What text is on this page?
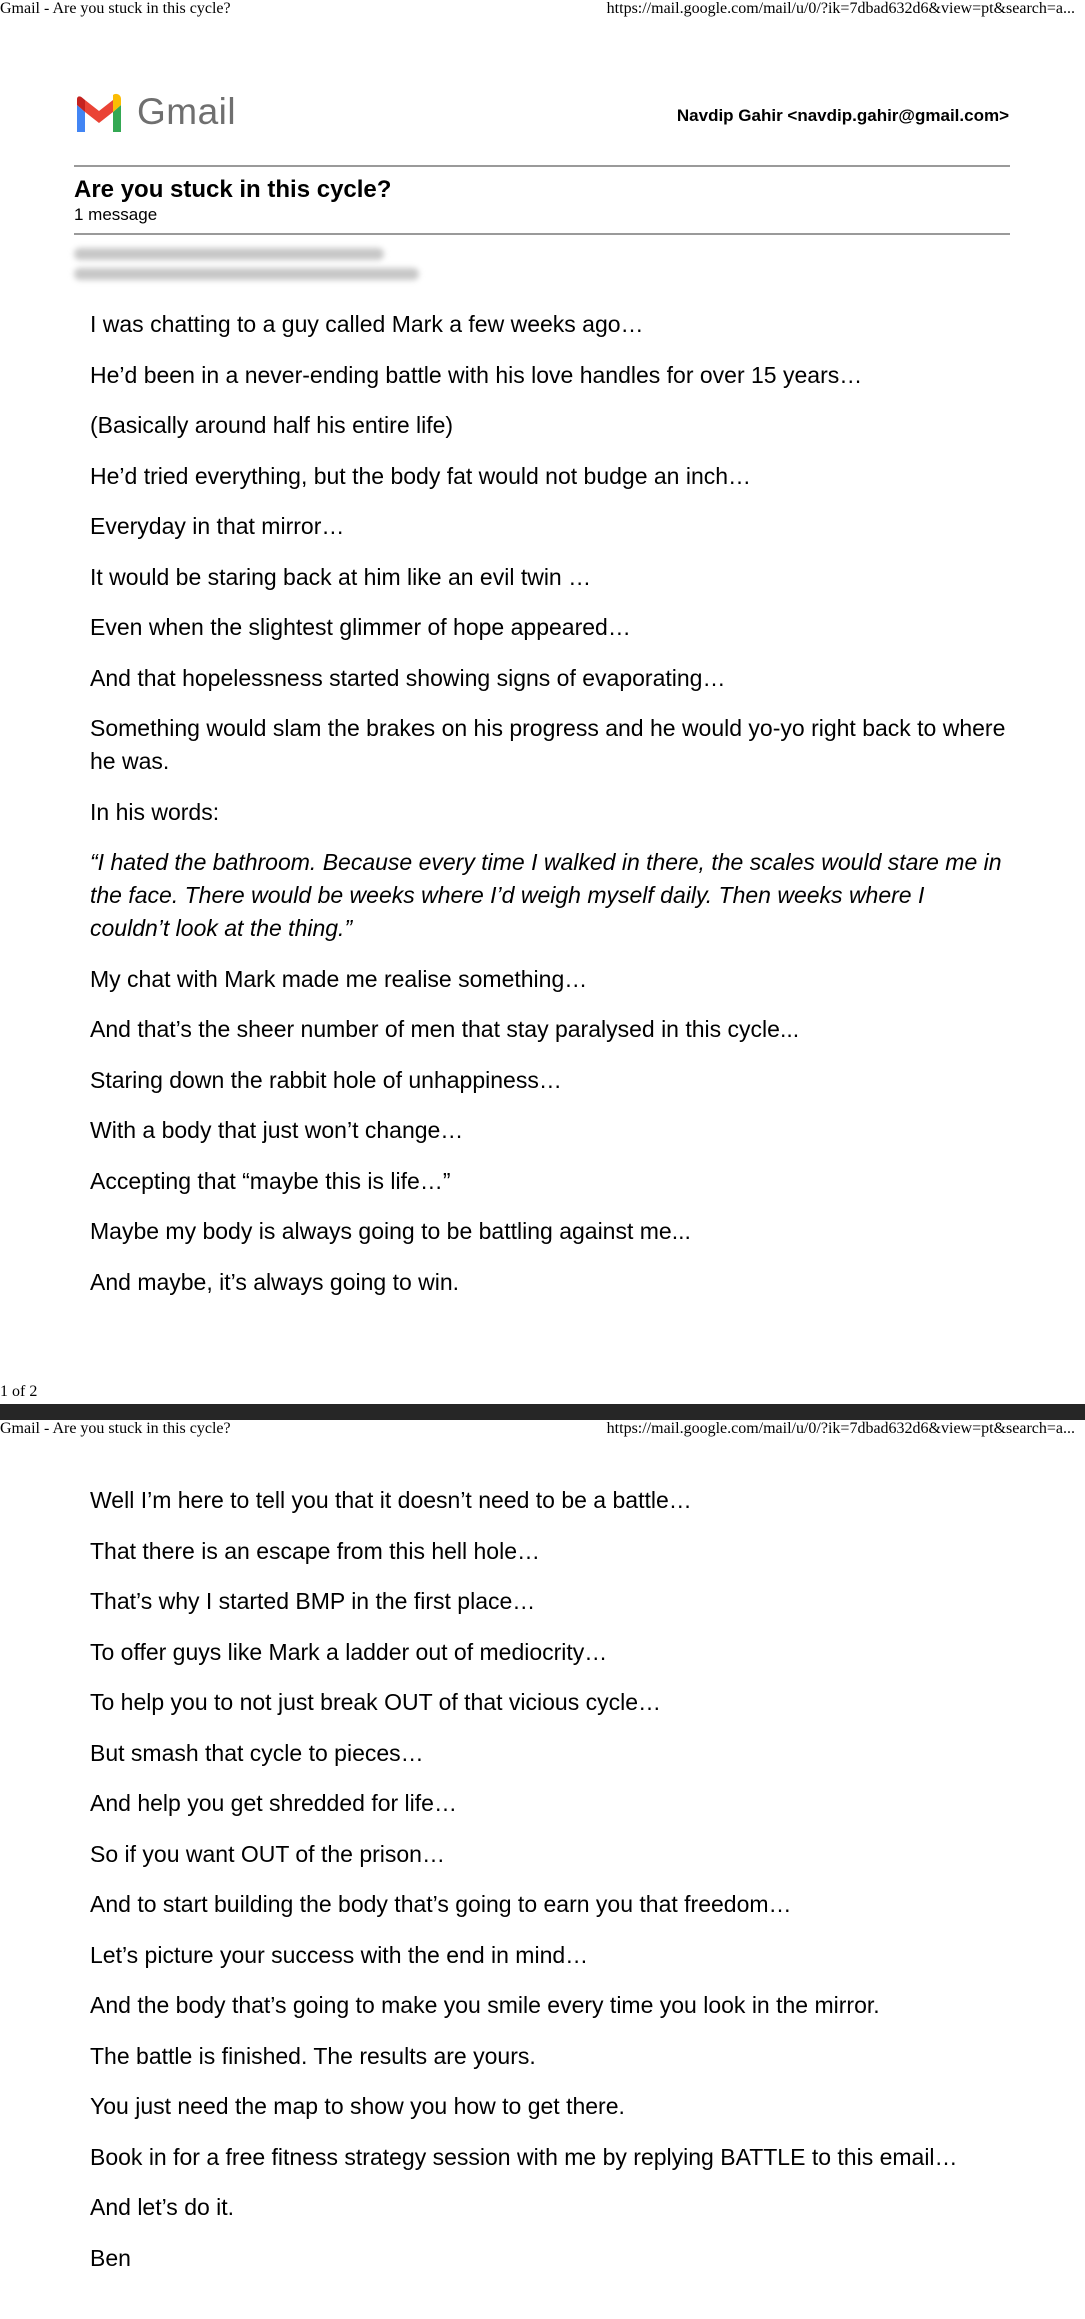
Gmail - Are you stuck in this cycle?	https://mail.google.com/mail/u/0/?ik=7dbad632d6&view=pt&search=a...
Gmail	Navdip Gahir <navdip.gahir@gmail.com>
Are you stuck in this cycle?
1 message

I was chatting to a guy called Mark a few weeks ago…

He’d been in a never-ending battle with his love handles for over 15 years…

(Basically around half his entire life)

He’d tried everything, but the body fat would not budge an inch…

Everyday in that mirror…

It would be staring back at him like an evil twin …

Even when the slightest glimmer of hope appeared…

And that hopelessness started showing signs of evaporating…

Something would slam the brakes on his progress and he would yo-yo right back to where he was.

In his words:

“I hated the bathroom. Because every time I walked in there, the scales would stare me in the face. There would be weeks where I’d weigh myself daily. Then weeks where I couldn’t look at the thing.”

My chat with Mark made me realise something…

And that’s the sheer number of men that stay paralysed in this cycle...

Staring down the rabbit hole of unhappiness…

With a body that just won’t change…

Accepting that “maybe this is life…”

Maybe my body is always going to be battling against me...

And maybe, it’s always going to win.

1 of 2
Gmail - Are you stuck in this cycle?	https://mail.google.com/mail/u/0/?ik=7dbad632d6&view=pt&search=a...

Well I’m here to tell you that it doesn’t need to be a battle…

That there is an escape from this hell hole…

That’s why I started BMP in the first place…

To offer guys like Mark a ladder out of mediocrity…

To help you to not just break OUT of that vicious cycle…

But smash that cycle to pieces…

And help you get shredded for life…

So if you want OUT of the prison…

And to start building the body that’s going to earn you that freedom…

Let’s picture your success with the end in mind…

And the body that’s going to make you smile every time you look in the mirror.

The battle is finished. The results are yours.

You just need the map to show you how to get there.

Book in for a free fitness strategy session with me by replying BATTLE to this email…

And let’s do it.

Ben
